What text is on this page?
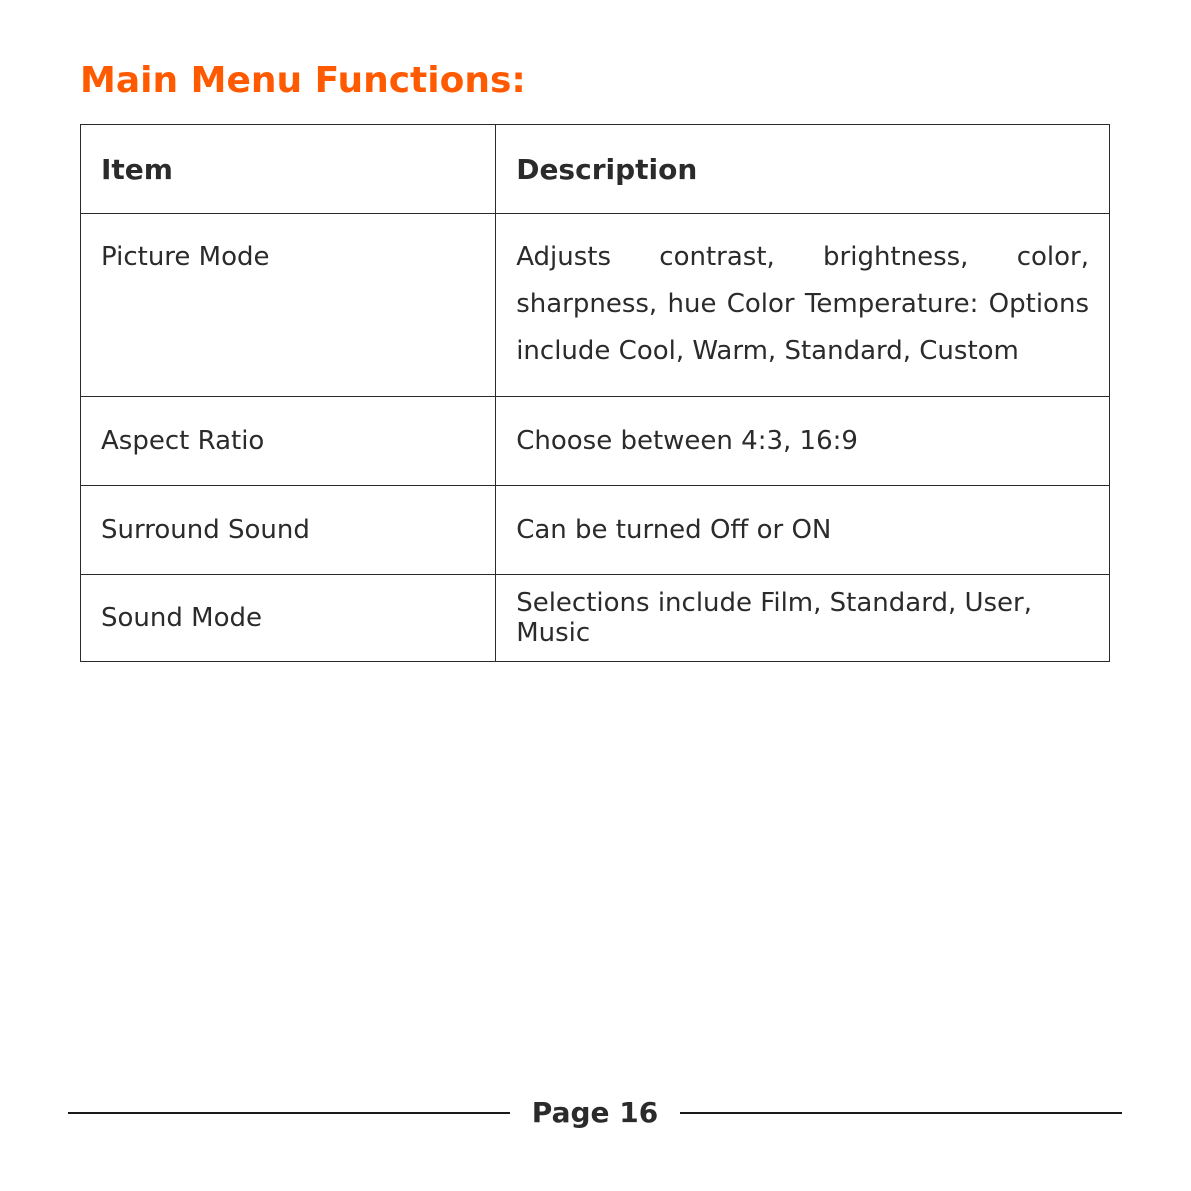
Main Menu Functions:
Item	Description
Picture Mode	Adjusts contrast, brightness, color, sharpness, hue Color Temperature: Options include Cool, Warm, Standard, Custom
Aspect Ratio	Choose between 4:3, 16:9
Surround Sound	Can be turned Off or ON
Sound Mode	Selections include Film, Standard, User, Music
Page 16
